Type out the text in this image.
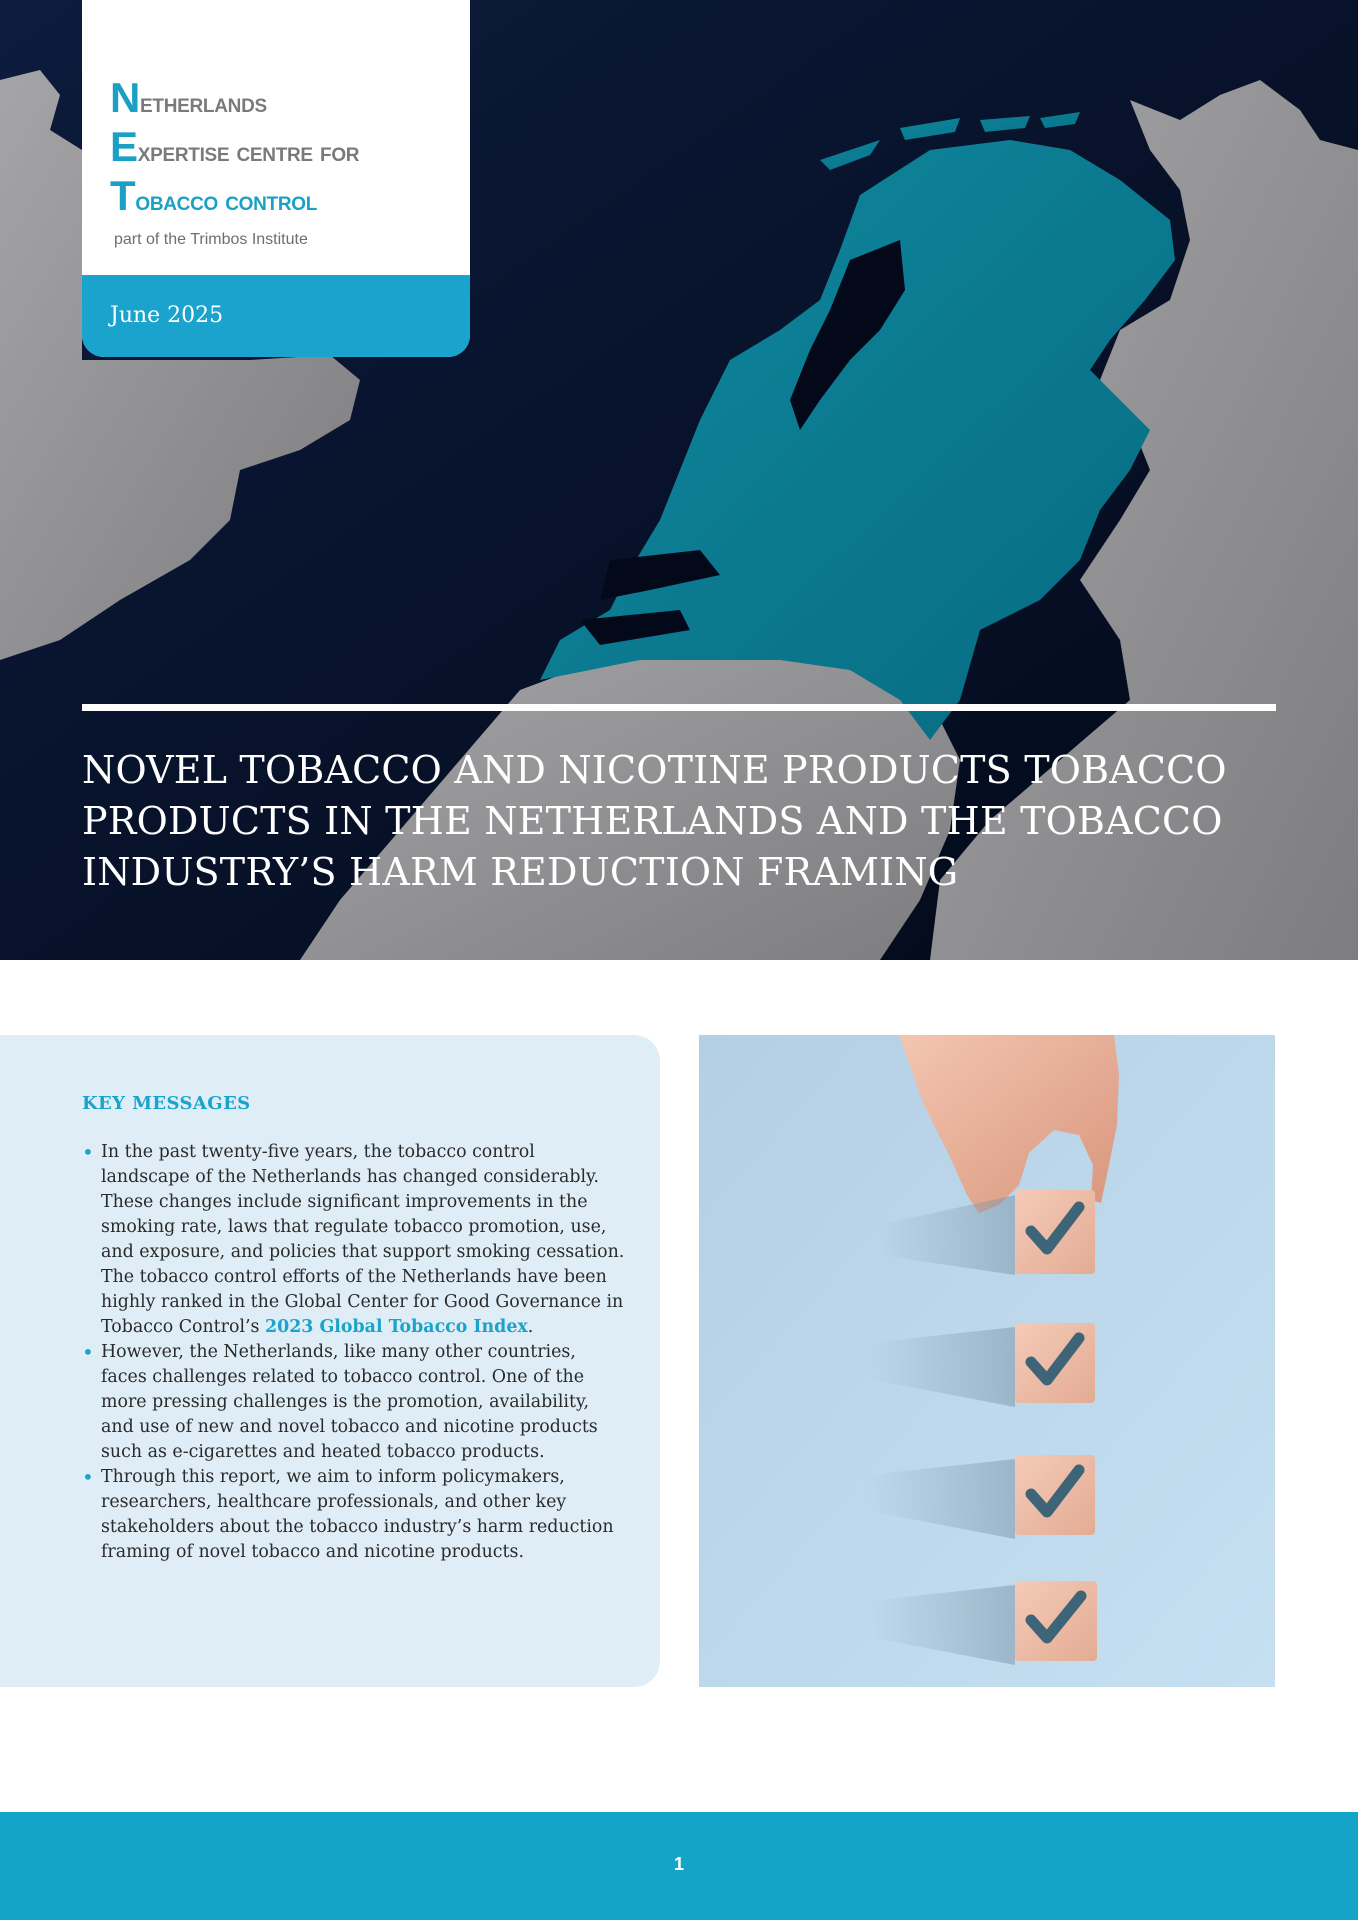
Netherlands
Expertise centre for
Tobacco control
part of the Trimbos Institute
June 2025
NOVEL TOBACCO AND NICOTINE PRODUCTS TOBACCO PRODUCTS IN THE NETHERLANDS AND THE TOBACCO INDUSTRY’S HARM REDUCTION FRAMING
KEY MESSAGES
• In the past twenty-five years, the tobacco control landscape of the Netherlands has changed considerably. These changes include significant improvements in the smoking rate, laws that regulate tobacco promotion, use, and exposure, and policies that support smoking cessation. The tobacco control efforts of the Netherlands have been highly ranked in the Global Center for Good Governance in Tobacco Control’s 2023 Global Tobacco Index.
• However, the Netherlands, like many other countries, faces challenges related to tobacco control. One of the more pressing challenges is the promotion, availability, and use of new and novel tobacco and nicotine products such as e-cigarettes and heated tobacco products.
• Through this report, we aim to inform policymakers, researchers, healthcare professionals, and other key stakeholders about the tobacco industry’s harm reduction framing of novel tobacco and nicotine products.
1
